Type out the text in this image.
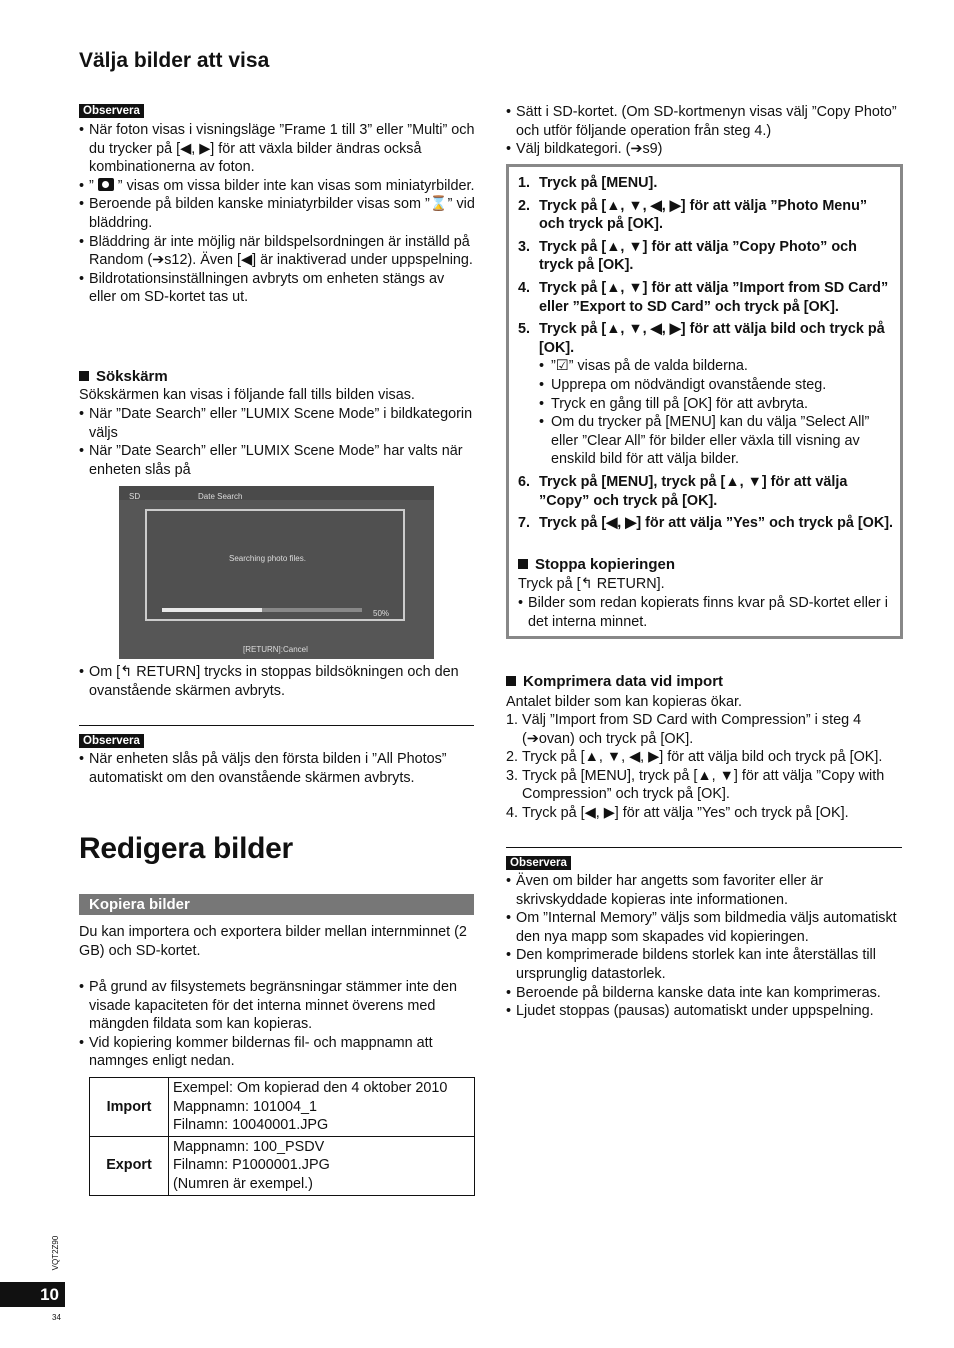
Välja bilder att visa
Observera
• När foton visas i visningsläge ”Frame 1 till 3” eller ”Multi” och du trycker på [◀, ▶] för att växla bilder ändras också kombinationerna av foton.
• ”
” visas om vissa bilder inte kan visas som miniatyrbilder.
• Beroende på bilden kanske miniatyrbilder visas som ”⌛” vid bläddring.
• Bläddring är inte möjlig när bildspelsordningen är inställd på Random (➔s12). Även [◀] är inaktiverad under uppspelning.
• Bildrotationsinställningen avbryts om enheten stängs av eller om SD-kortet tas ut.
Sökskärm
Sökskärmen kan visas i följande fall tills bilden visas.
• När ”Date Search” eller ”LUMIX Scene Mode” i bildkategorin väljs
• När ”Date Search” eller ”LUMIX Scene Mode” har valts när enheten slås på
SD	Date Search
Searching photo files.
50%
[RETURN]:Cancel
• Om [↰ RETURN] trycks in stoppas bildsökningen och den ovanstående skärmen avbryts.
Observera
• När enheten slås på väljs den första bilden i ”All Photos” automatiskt om den ovanstående skärmen avbryts.
Redigera bilder
Kopiera bilder
Du kan importera och exportera bilder mellan internminnet (2 GB) och SD-kortet.
• På grund av filsystemets begränsningar stämmer inte den visade kapaciteten för det interna minnet överens med mängden fildata som kan kopieras.
• Vid kopiering kommer bildernas fil- och mappnamn att namnges enligt nedan.
Import	Exempel: Om kopierad den 4 oktober 2010
Mappnamn: 101004_1
Filnamn: 10040001.JPG

Export	Mappnamn: 100_PSDV
Filnamn: P1000001.JPG
(Numren är exempel.)
• Sätt i SD-kortet. (Om SD-kortmenyn visas välj ”Copy Photo” och utför följande operation från steg 4.)
• Välj bildkategori. (➔s9)
1. Tryck på [MENU].
2. Tryck på [▲, ▼, ◀, ▶] för att välja ”Photo Menu” och tryck på [OK].
3. Tryck på [▲, ▼] för att välja ”Copy Photo” och tryck på [OK].
4. Tryck på [▲, ▼] för att välja ”Import from SD Card” eller ”Export to SD Card” och tryck på [OK].
5. Tryck på [▲, ▼, ◀, ▶] för att välja bild och tryck på [OK].
• ”☑” visas på de valda bilderna.
• Upprepa om nödvändigt ovanstående steg.
• Tryck en gång till på [OK] för att avbryta.
• Om du trycker på [MENU] kan du välja ”Select All” eller ”Clear All” för bilder eller växla till visning av enskild bild för att välja bilder.
6. Tryck på [MENU], tryck på [▲, ▼] för att välja ”Copy” och tryck på [OK].
7. Tryck på [◀, ▶] för att välja ”Yes” och tryck på [OK].
Stoppa kopieringen
Tryck på [↰ RETURN].
• Bilder som redan kopierats finns kvar på SD-kortet eller i det interna minnet.
Komprimera data vid import
Antalet bilder som kan kopieras ökar.
1. Välj ”Import from SD Card with Compression” i steg 4 (➔ovan) och tryck på [OK].
2. Tryck på [▲, ▼, ◀, ▶] för att välja bild och tryck på [OK].
3. Tryck på [MENU], tryck på [▲, ▼] för att välja ”Copy with Compression” och tryck på [OK].
4. Tryck på [◀, ▶] för att välja ”Yes” och tryck på [OK].
Observera
• Även om bilder har angetts som favoriter eller är skrivskyddade kopieras inte informationen.
• Om ”Internal Memory” väljs som bildmedia väljs automatiskt den nya mapp som skapades vid kopieringen.
• Den komprimerade bildens storlek kan inte återställas till ursprunglig datastorlek.
• Beroende på bilderna kanske data inte kan komprimeras.
• Ljudet stoppas (pausas) automatiskt under uppspelning.
VQT2Z90
10
34
